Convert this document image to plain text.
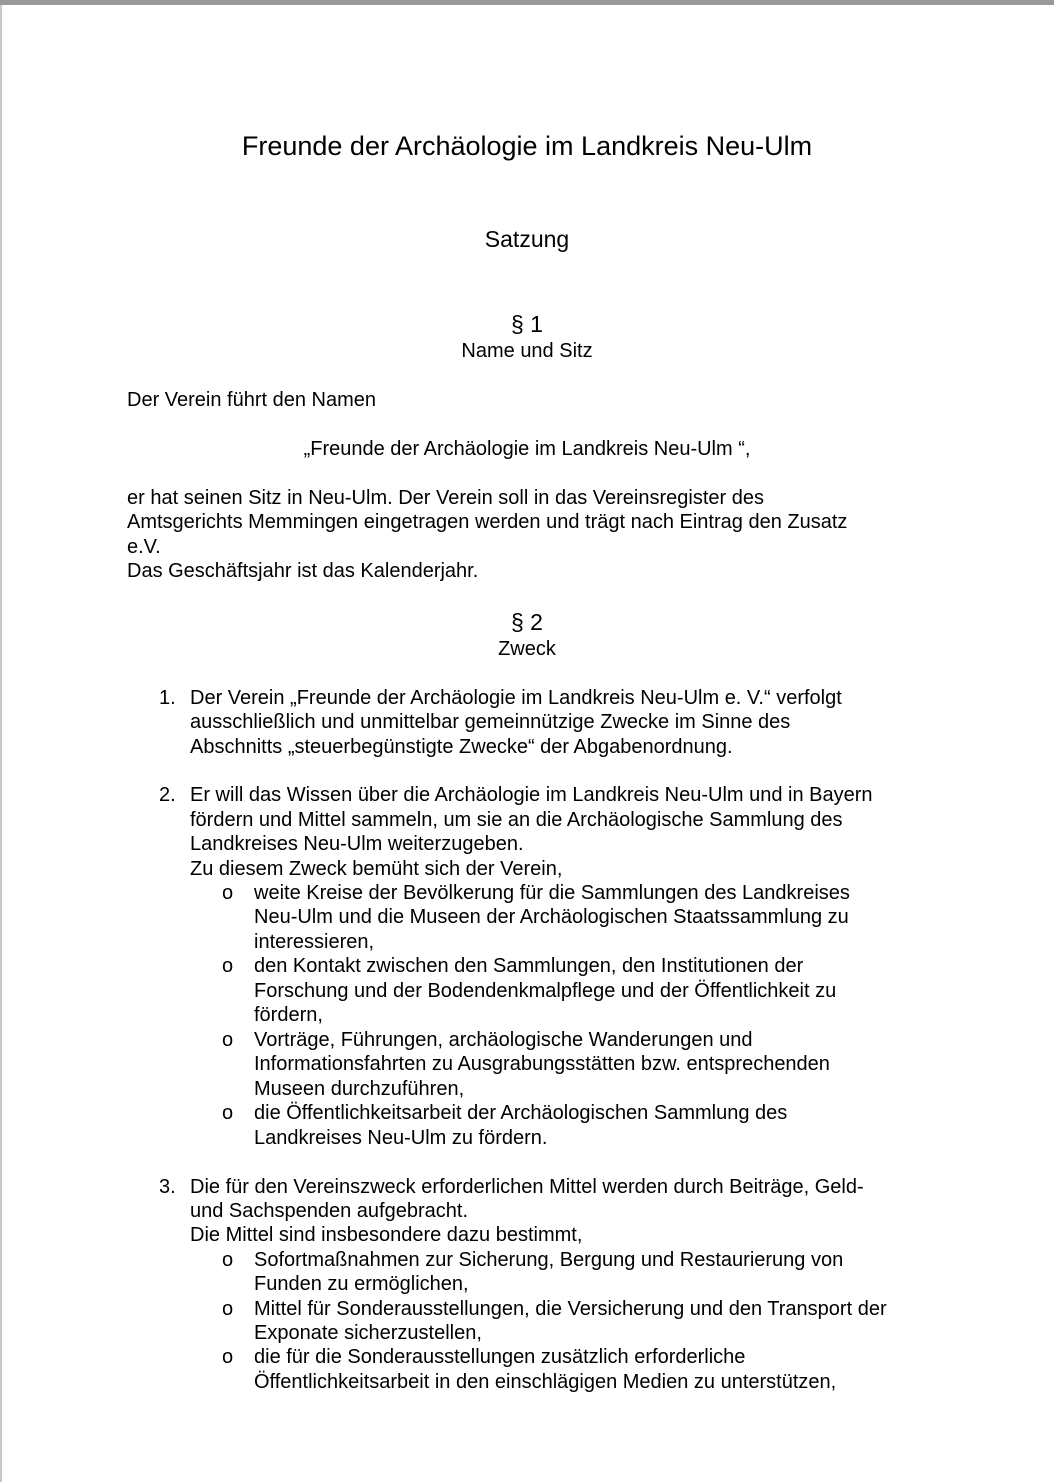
Freunde der Archäologie im Landkreis Neu-Ulm
Satzung
§ 1
Name und Sitz
Der Verein führt den Namen
„Freunde der Archäologie im Landkreis Neu-Ulm “,
er hat seinen Sitz in Neu-Ulm. Der Verein soll in das Vereinsregister des
Amtsgerichts Memmingen eingetragen werden und trägt nach Eintrag den Zusatz
e.V.
Das Geschäftsjahr ist das Kalenderjahr.
§ 2
Zweck
1. Der Verein „Freunde der Archäologie im Landkreis Neu-Ulm e. V.“ verfolgt
ausschließlich und unmittelbar gemeinnützige Zwecke im Sinne des
Abschnitts „steuerbegünstigte Zwecke“ der Abgabenordnung.
2. Er will das Wissen über die Archäologie im Landkreis Neu-Ulm und in Bayern
fördern und Mittel sammeln, um sie an die Archäologische Sammlung des
Landkreises Neu-Ulm weiterzugeben.
Zu diesem Zweck bemüht sich der Verein,
o weite Kreise der Bevölkerung für die Sammlungen des Landkreises
Neu-Ulm und die Museen der Archäologischen Staatssammlung zu
interessieren,
o den Kontakt zwischen den Sammlungen, den Institutionen der
Forschung und der Bodendenkmalpflege und der Öffentlichkeit zu
fördern,
o Vorträge, Führungen, archäologische Wanderungen und
Informationsfahrten zu Ausgrabungsstätten bzw. entsprechenden
Museen durchzuführen,
o die Öffentlichkeitsarbeit der Archäologischen Sammlung des
Landkreises Neu-Ulm zu fördern.
3. Die für den Vereinszweck erforderlichen Mittel werden durch Beiträge, Geld-
und Sachspenden aufgebracht.
Die Mittel sind insbesondere dazu bestimmt,
o Sofortmaßnahmen zur Sicherung, Bergung und Restaurierung von
Funden zu ermöglichen,
o Mittel für Sonderausstellungen, die Versicherung und den Transport der
Exponate sicherzustellen,
o die für die Sonderausstellungen zusätzlich erforderliche
Öffentlichkeitsarbeit in den einschlägigen Medien zu unterstützen,
